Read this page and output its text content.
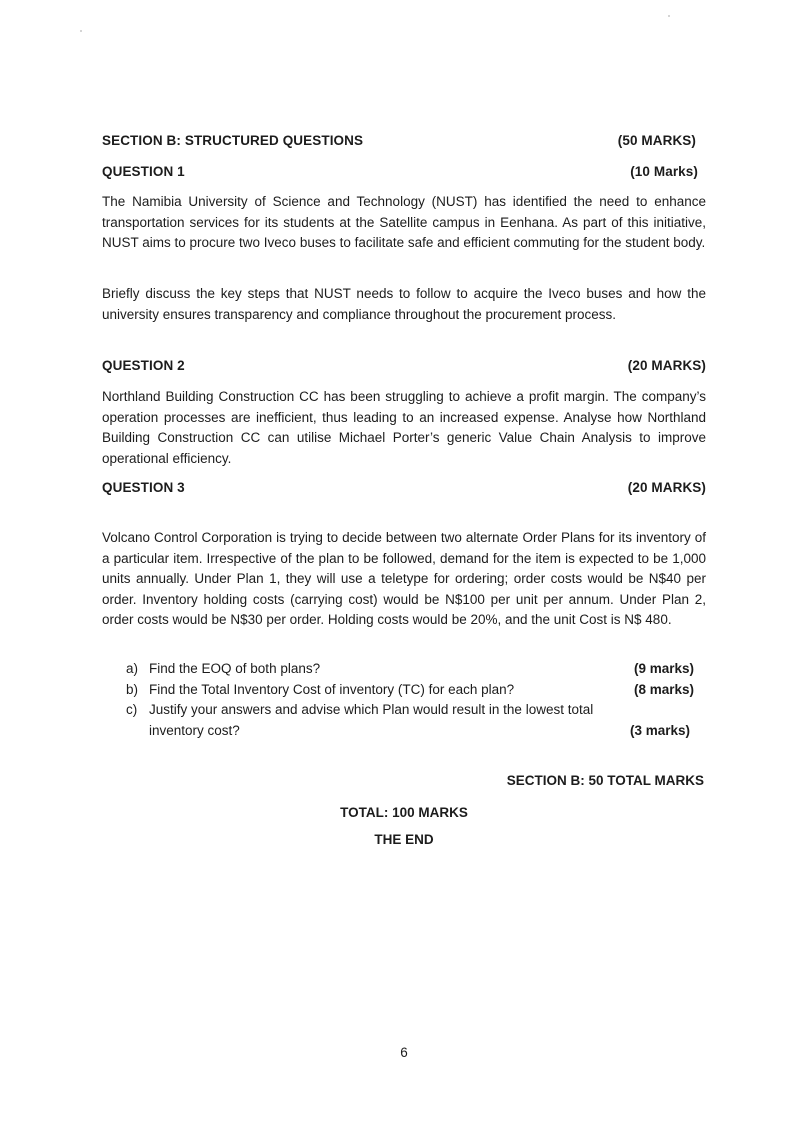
SECTION B: STRUCTURED QUESTIONS	(50 MARKS)
QUESTION 1	(10 Marks)

The Namibia University of Science and Technology (NUST) has identified the need to enhance transportation services for its students at the Satellite campus in Eenhana. As part of this initiative, NUST aims to procure two Iveco buses to facilitate safe and efficient commuting for the student body.

Briefly discuss the key steps that NUST needs to follow to acquire the Iveco buses and how the university ensures transparency and compliance throughout the procurement process.

QUESTION 2	(20 MARKS)

Northland Building Construction CC has been struggling to achieve a profit margin. The company’s operation processes are inefficient, thus leading to an increased expense. Analyse how Northland Building Construction CC can utilise Michael Porter’s generic Value Chain Analysis to improve operational efficiency.

QUESTION 3	(20 MARKS)

Volcano Control Corporation is trying to decide between two alternate Order Plans for its inventory of a particular item. Irrespective of the plan to be followed, demand for the item is expected to be 1,000 units annually. Under Plan 1, they will use a teletype for ordering; order costs would be N$40 per order. Inventory holding costs (carrying cost) would be N$100 per unit per annum. Under Plan 2, order costs would be N$30 per order. Holding costs would be 20%, and the unit Cost is N$ 480.

a) Find the EOQ of both plans?	(9 marks)
b) Find the Total Inventory Cost of inventory (TC) for each plan?	(8 marks)
c) Justify your answers and advise which Plan would result in the lowest total inventory cost?	(3 marks)
SECTION B: 50 TOTAL MARKS
TOTAL: 100 MARKS
THE END
6
